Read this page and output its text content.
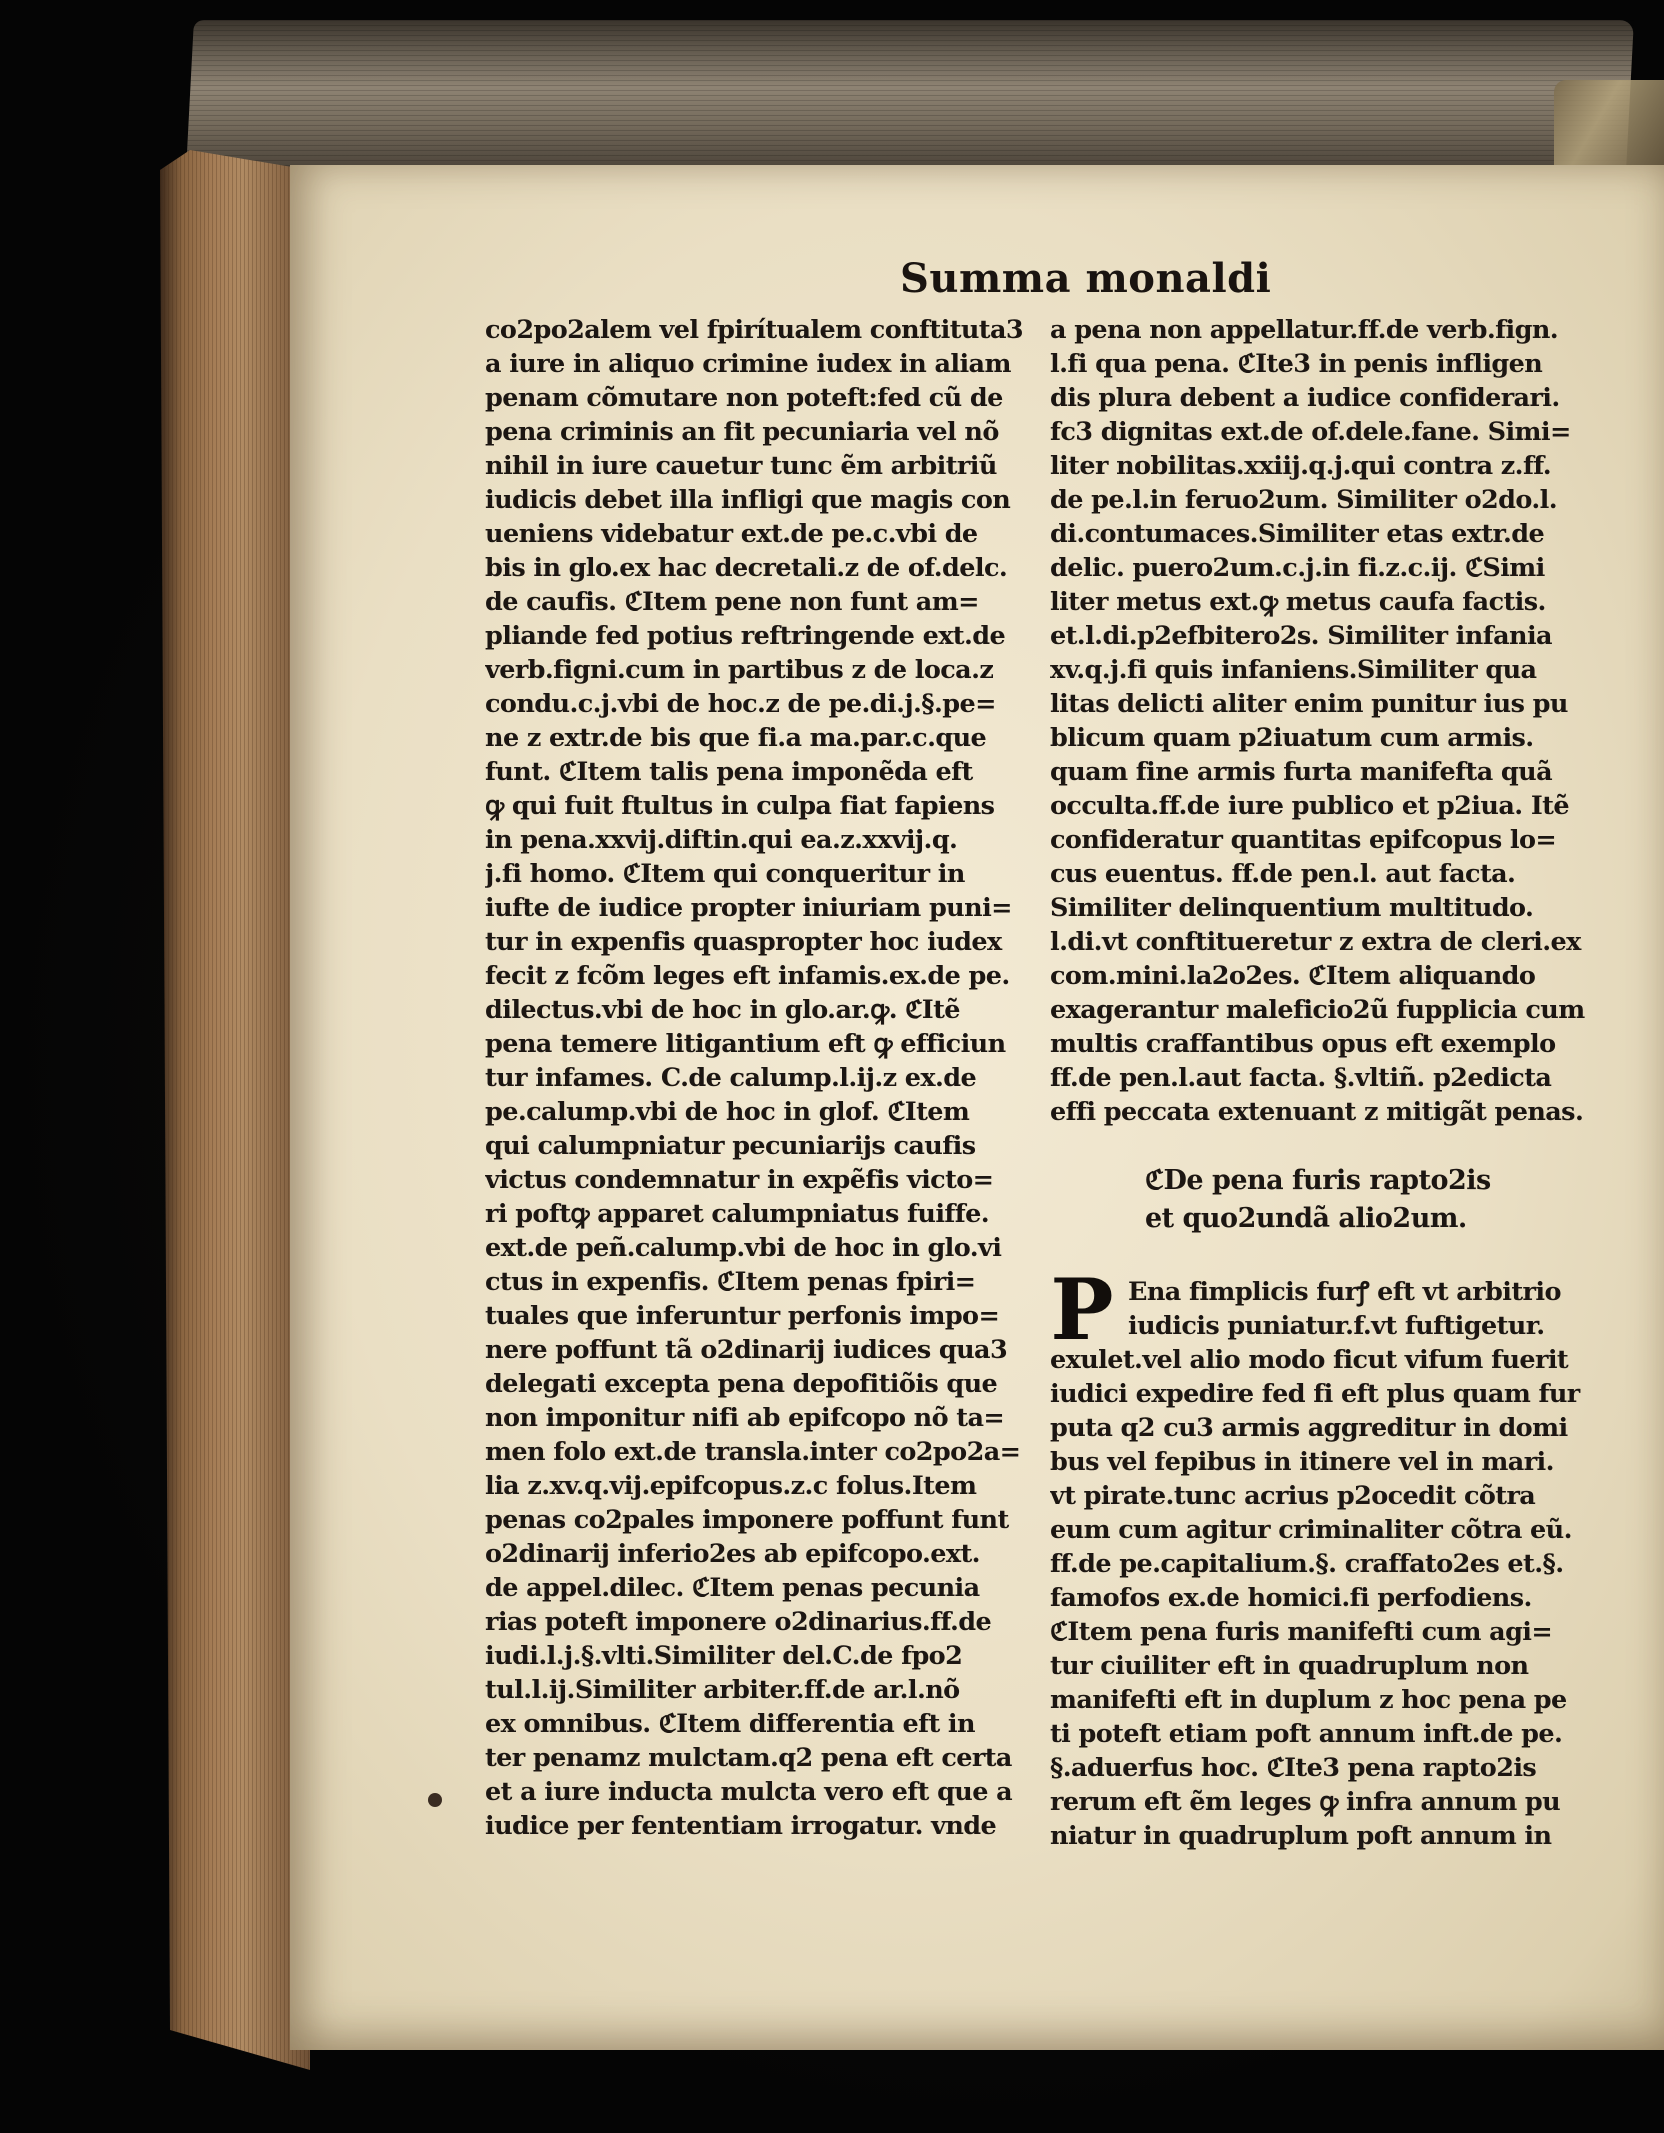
Summa monaldi
co2po2alem vel fpirítualem conftituta3
a iure in aliquo crimine iudex in aliam
penam cõmutare non poteft:fed cũ de
pena criminis an fit pecuniaria vel nõ
nihil in iure cauetur tunc ẽm arbitriũ
iudicis debet illa infligi que magis con
ueniens videbatur ext.de pe.c.vbi de
bis in glo.ex hac decretali.z de of.delc.
de caufis. ℭItem pene non funt am=
pliande fed potius reftringende ext.de
verb.figni.cum in partibus z de loca.z
condu.c.j.vbi de hoc.z de pe.di.j.§.pe=
ne z extr.de bis que fi.a ma.par.c.que
funt. ℭItem talis pena imponẽda eft
ꝙ qui fuit ftultus in culpa fiat fapiens
in pena.xxvij.diftin.qui ea.z.xxvij.q.
j.fi homo. ℭItem qui conqueritur in
iufte de iudice propter iniuriam puni=
tur in expenfis quaspropter hoc iudex
fecit z fcõm leges eft infamis.ex.de pe.
dilectus.vbi de hoc in glo.ar.ꝙ. ℭItẽ
pena temere litigantium eft ꝙ efficiun
tur infames. C.de calump.l.ij.z ex.de
pe.calump.vbi de hoc in glof. ℭItem
qui calumpniatur pecuniarijs caufis
victus condemnatur in expẽfis victo=
ri poftꝙ apparet calumpniatus fuiffe.
ext.de peñ.calump.vbi de hoc in glo.vi
ctus in expenfis. ℭItem penas fpiri=
tuales que inferuntur perfonis impo=
nere poffunt tã o2dinarij iudices qua3
delegati excepta pena depofitiõis que
non imponitur nifi ab epifcopo nõ ta=
men folo ext.de transla.inter co2po2a=
lia z.xv.q.vij.epifcopus.z.c folus.Item
penas co2pales imponere poffunt funt
o2dinarij inferio2es ab epifcopo.ext.
de appel.dilec. ℭItem penas pecunia
rias poteft imponere o2dinarius.ff.de
iudi.l.j.§.vlti.Similiter del.C.de fpo2
tul.l.ij.Similiter arbiter.ff.de ar.l.nõ
ex omnibus. ℭItem differentia eft in
ter penamz mulctam.q2 pena eft certa
et a iure inducta mulcta vero eft que a
iudice per fententiam irrogatur. vnde
a pena non appellatur.ff.de verb.fign.
l.fi qua pena. ℭIte3 in penis infligen
dis plura debent a iudice confiderari.
fc3 dignitas ext.de of.dele.fane. Simi=
liter nobilitas.xxiij.q.j.qui contra z.ff.
de pe.l.in feruo2um. Similiter o2do.l.
di.contumaces.Similiter etas extr.de
delic. puero2um.c.j.in fi.z.c.ij. ℭSimi
liter metus ext.ꝙ metus caufa factis.
et.l.di.p2efbitero2s. Similiter infania
xv.q.j.fi quis infaniens.Similiter qua
litas delicti aliter enim punitur ius pu
blicum quam p2iuatum cum armis.
quam fine armis furta manifefta quã
occulta.ff.de iure publico et p2iua. Itẽ
confideratur quantitas epifcopus lo=
cus euentus. ff.de pen.l. aut facta.
Similiter delinquentium multitudo.
l.di.vt conftitueretur z extra de cleri.ex
com.mini.la2o2es. ℭItem aliquando
exagerantur maleficio2ũ fupplicia cum
multis craffantibus opus eft exemplo
ff.de pen.l.aut facta. §.vltiñ. p2edicta
effi peccata extenuant z mitigãt penas.
ℭDe pena furis rapto2is
et quo2undã alio2um.
P Ena fimplicis furꝭ eft vt arbitrio
iudicis puniatur.f.vt fuftigetur.
exulet.vel alio modo ficut vifum fuerit
iudici expedire fed fi eft plus quam fur
puta q2 cu3 armis aggreditur in domi
bus vel fepibus in itinere vel in mari.
vt pirate.tunc acrius p2ocedit cõtra
eum cum agitur criminaliter cõtra eũ.
ff.de pe.capitalium.§. craffato2es et.§.
famofos ex.de homici.fi perfodiens.
ℭItem pena furis manifefti cum agi=
tur ciuiliter eft in quadruplum non
manifefti eft in duplum z hoc pena pe
ti poteft etiam poft annum inft.de pe.
§.aduerfus hoc. ℭIte3 pena rapto2is
rerum eft ẽm leges ꝙ infra annum pu
niatur in quadruplum poft annum in
